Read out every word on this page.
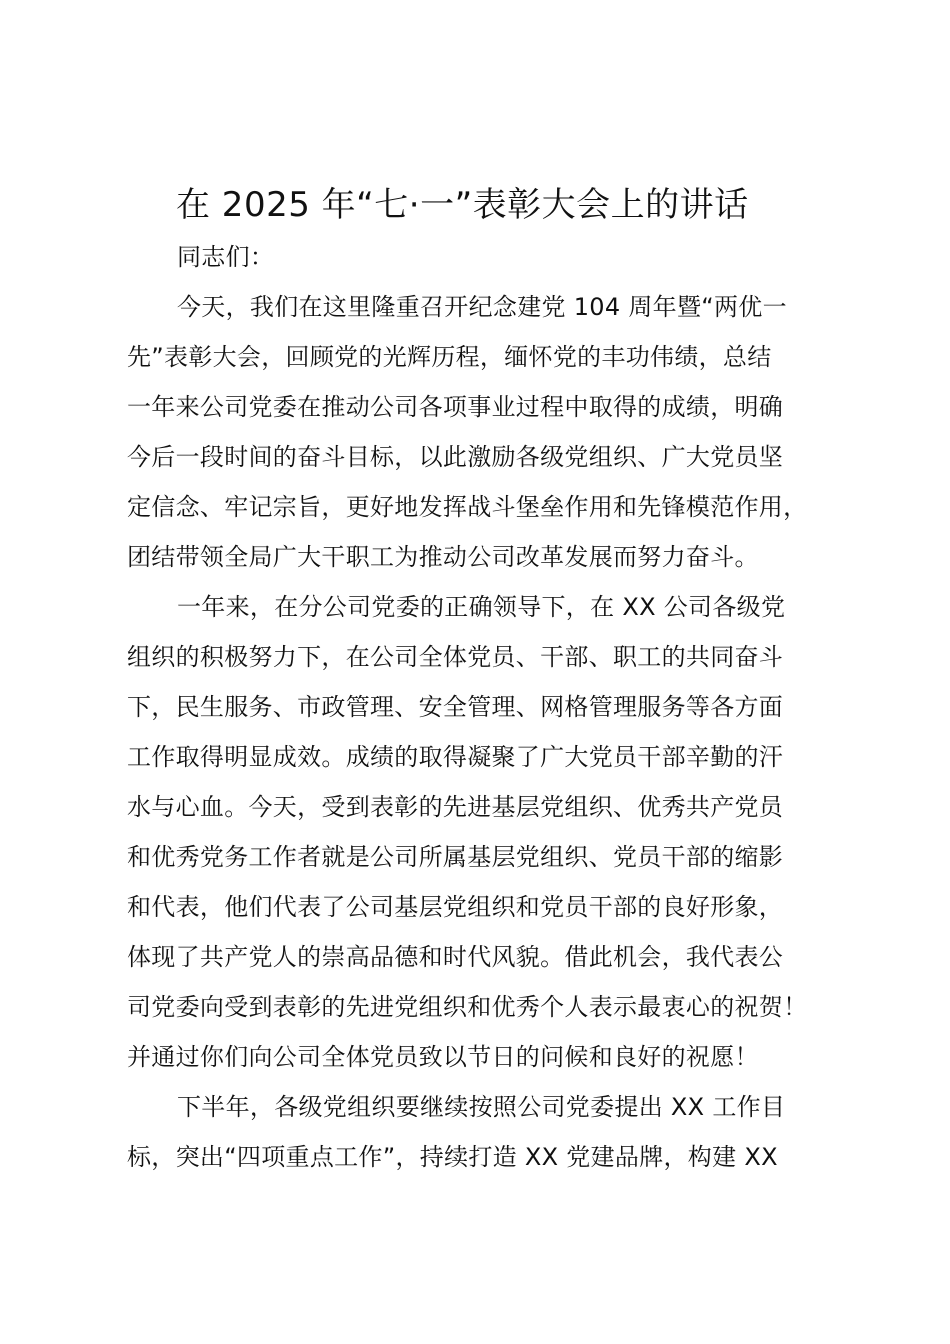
在 2025 年“七·一”表彰大会上的讲话
同志们：
今天，我们在这里隆重召开纪念建党 104 周年暨“两优一
先”表彰大会，回顾党的光辉历程，缅怀党的丰功伟绩，总结
一年来公司党委在推动公司各项事业过程中取得的成绩，明确
今后一段时间的奋斗目标，以此激励各级党组织、广大党员坚
定信念、牢记宗旨，更好地发挥战斗堡垒作用和先锋模范作用，
团结带领全局广大干职工为推动公司改革发展而努力奋斗。
一年来，在分公司党委的正确领导下，在 XX 公司各级党
组织的积极努力下，在公司全体党员、干部、职工的共同奋斗
下，民生服务、市政管理、安全管理、网格管理服务等各方面
工作取得明显成效。成绩的取得凝聚了广大党员干部辛勤的汗
水与心血。今天，受到表彰的先进基层党组织、优秀共产党员
和优秀党务工作者就是公司所属基层党组织、党员干部的缩影
和代表，他们代表了公司基层党组织和党员干部的良好形象，
体现了共产党人的崇高品德和时代风貌。借此机会，我代表公
司党委向受到表彰的先进党组织和优秀个人表示最衷心的祝贺！
并通过你们向公司全体党员致以节日的问候和良好的祝愿！
下半年，各级党组织要继续按照公司党委提出 XX 工作目
标，突出“四项重点工作”，持续打造 XX 党建品牌，构建 XX
